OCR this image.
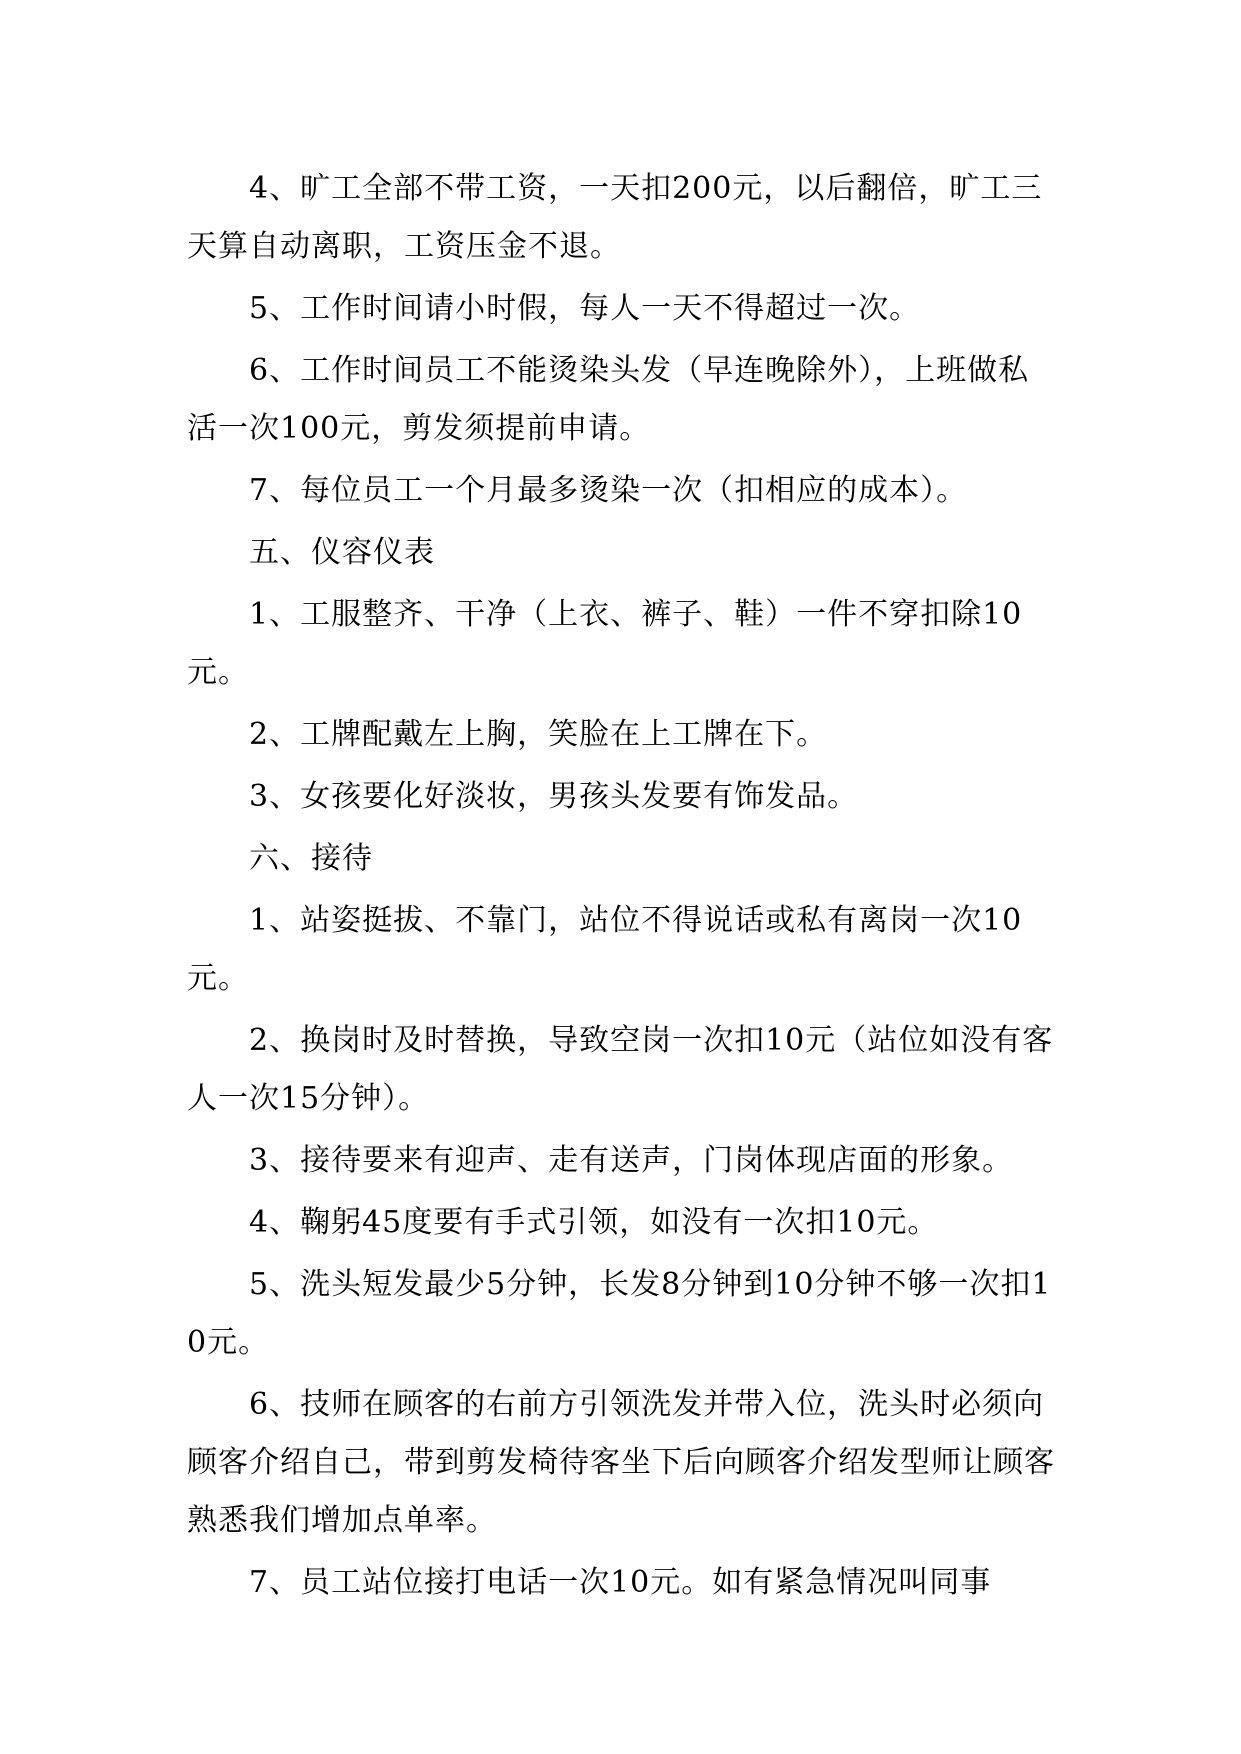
4、旷工全部不带工资，一天扣200元，以后翻倍，旷工三天算自动离职，工资压金不退。

5、工作时间请小时假，每人一天不得超过一次。

6、工作时间员工不能烫染头发（早连晚除外），上班做私活一次100元，剪发须提前申请。

7、每位员工一个月最多烫染一次（扣相应的成本）。

五、仪容仪表

1、工服整齐、干净（上衣、裤子、鞋）一件不穿扣除10元。

2、工牌配戴左上胸，笑脸在上工牌在下。

3、女孩要化好淡妆，男孩头发要有饰发品。

六、接待

1、站姿挺拔、不靠门，站位不得说话或私有离岗一次10元。

2、换岗时及时替换，导致空岗一次扣10元（站位如没有客人一次15分钟）。

3、接待要来有迎声、走有送声，门岗体现店面的形象。

4、鞠躬45度要有手式引领，如没有一次扣10元。

5、洗头短发最少5分钟，长发8分钟到10分钟不够一次扣10元。

6、技师在顾客的右前方引领洗发并带入位，洗头时必须向顾客介绍自己，带到剪发椅待客坐下后向顾客介绍发型师让顾客熟悉我们增加点单率。

7、员工站位接打电话一次10元。如有紧急情况叫同事
